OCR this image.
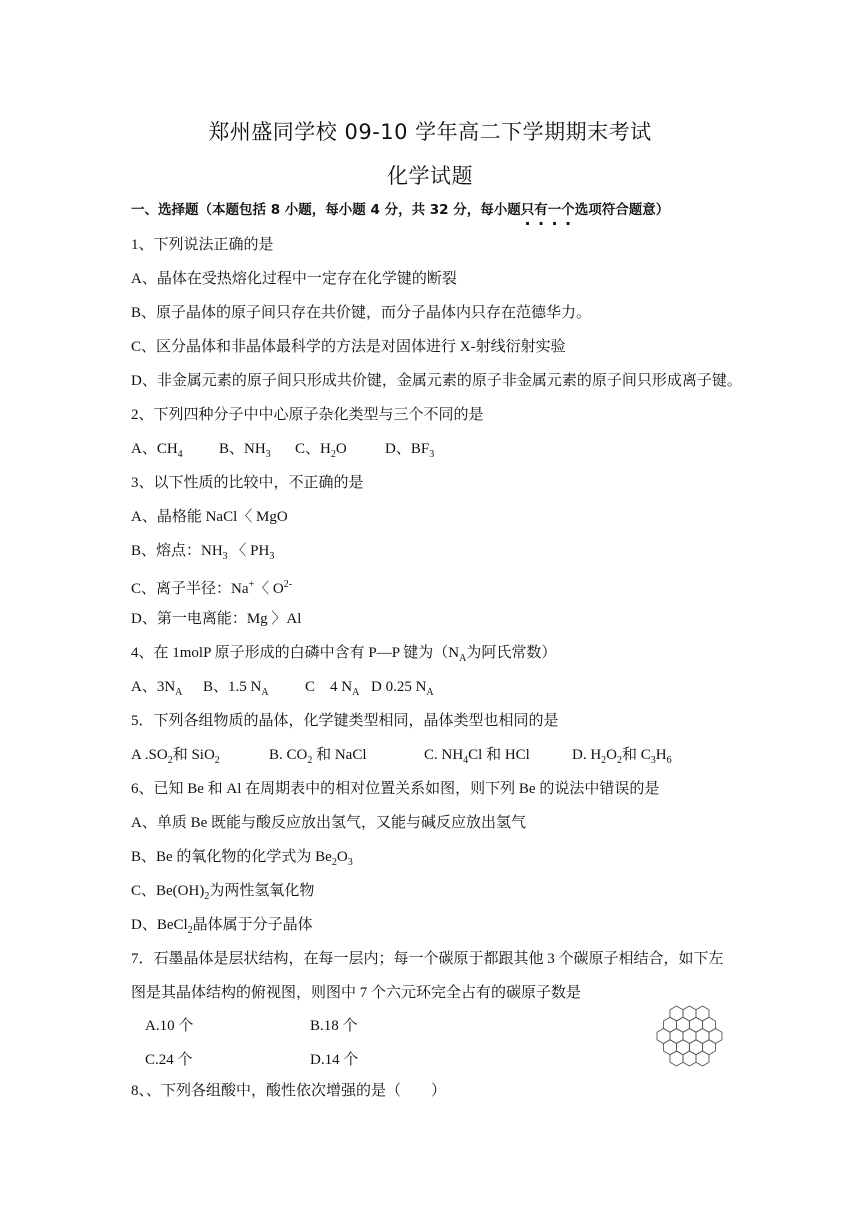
郑州盛同学校 09-10 学年高二下学期期末考试
化学试题
一、选择题（本题包括 8 小题，每小题 4 分，共 32 分，每小题只有一个选项符合题意）
1、下列说法正确的是
A、晶体在受热熔化过程中一定存在化学键的断裂
B、原子晶体的原子间只存在共价键，而分子晶体内只存在范德华力。
C、区分晶体和非晶体最科学的方法是对固体进行 X-射线衍射实验
D、非金属元素的原子间只形成共价键，金属元素的原子非金属元素的原子间只形成离子键。
2、下列四种分子中中心原子杂化类型与三个不同的是
A、$CH_4$ B、$NH_3$ C、$H_2O$	D、$BF_3$
3、以下性质的比较中，不正确的是
A、晶格能 NaCl〈 MgO
B、熔点：$NH_3$ 〈 $PH_3$
C、离子半径：Na+〈 $O^{2-}$
D、第一电离能：Mg 〉Al
4、在 1molP 原子形成的白磷中含有 P—P 键为（$N_A$为阿氏常数）
A、$3N_A$ B、1.5 $N_A$ C　4 $N_A$ D 0.25 $N_A$
5．下列各组物质的晶体，化学键类型相同，晶体类型也相同的是
A $.SO_2$和 SiO$_2$	B. $CO_2$ 和 NaCl	C. $NH_4Cl$ 和 HCl	D. $H_2O_2$和 $C_3H_6$
6、已知 Be 和 Al 在周期表中的相对位置关系如图，则下列 Be 的说法中错误的是
A、单质 Be 既能与酸反应放出氢气，又能与碱反应放出氢气
B、Be 的氧化物的化学式为 $Be_2O_3$
C、$Be(OH)_2$为两性氢氧化物
D、BeCl$_2$晶体属于分子晶体
7．石墨晶体是层状结构，在每一层内；每一个碳原于都跟其他 3 个碳原子相结合，如下左
图是其晶体结构的俯视图，则图中 7 个六元环完全占有的碳原子数是
A.10 个	B.18 个
C.24 个	D.14 个
8、、下列各组酸中，酸性依次增强的是（　　）
